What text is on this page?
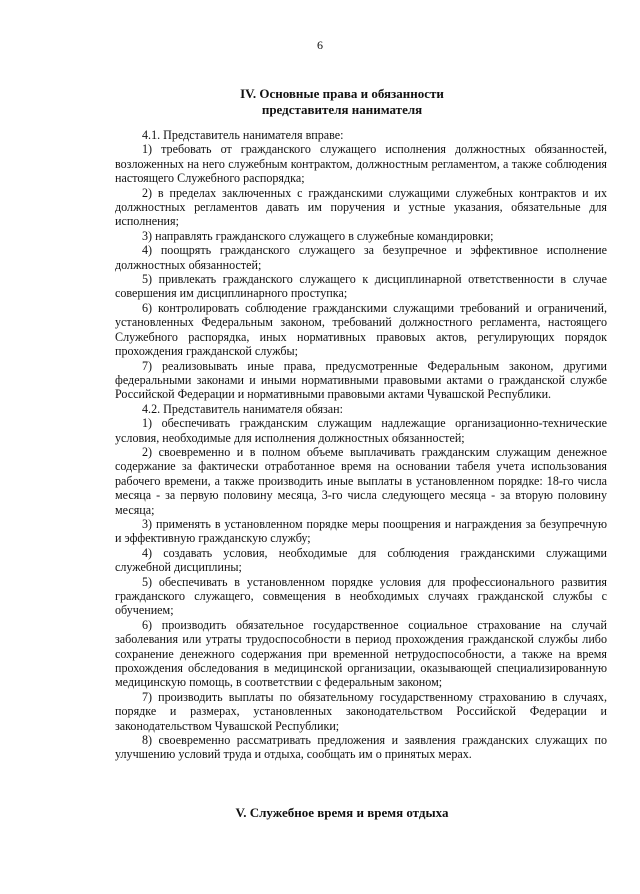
6
IV. Основные права и обязанности
представителя нанимателя

4.1. Представитель нанимателя вправе:

1) требовать от гражданского служащего исполнения должностных обязанностей, возложенных на него служебным контрактом, должностным регламентом, а также соблюдения настоящего Служебного распорядка;

2) в пределах заключенных с гражданскими служащими служебных контрактов и их должностных регламентов давать им поручения и устные указания, обязательные для исполнения;

3) направлять гражданского служащего в служебные командировки;

4) поощрять гражданского служащего за безупречное и эффективное исполнение должностных обязанностей;

5) привлекать гражданского служащего к дисциплинарной ответственности в случае совершения им дисциплинарного проступка;

6) контролировать соблюдение гражданскими служащими требований и ограничений, установленных Федеральным законом, требований должностного регламента, настоящего Служебного распорядка, иных нормативных правовых актов, регулирующих порядок прохождения гражданской службы;

7) реализовывать иные права, предусмотренные Федеральным законом, другими федеральными законами и иными нормативными правовыми актами о гражданской службе Российской Федерации и нормативными правовыми актами Чувашской Республики.

4.2. Представитель нанимателя обязан:

1) обеспечивать гражданским служащим надлежащие организационно-технические условия, необходимые для исполнения должностных обязанностей;

2) своевременно и в полном объеме выплачивать гражданским служащим денежное содержание за фактически отработанное время на основании табеля учета использования рабочего времени, а также производить иные выплаты в установленном порядке: 18-го числа месяца - за первую половину месяца, 3-го числа следующего месяца - за вторую половину месяца;

3) применять в установленном порядке меры поощрения и награждения за безупречную и эффективную гражданскую службу;

4) создавать условия, необходимые для соблюдения гражданскими служащими служебной дисциплины;

5) обеспечивать в установленном порядке условия для профессионального развития гражданского служащего, совмещения в необходимых случаях гражданской службы с обучением;

6) производить обязательное государственное социальное страхование на случай заболевания или утраты трудоспособности в период прохождения гражданской службы либо сохранение денежного содержания при временной нетрудоспособности, а также на время прохождения обследования в медицинской организации, оказывающей специализированную медицинскую помощь, в соответствии с федеральным законом;

7) производить выплаты по обязательному государственному страхованию в случаях, порядке и размерах, установленных законодательством Российской Федерации и законодательством Чувашской Республики;

8) своевременно рассматривать предложения и заявления гражданских служащих по улучшению условий труда и отдыха, сообщать им о принятых мерах.

V. Служебное время и время отдыха
